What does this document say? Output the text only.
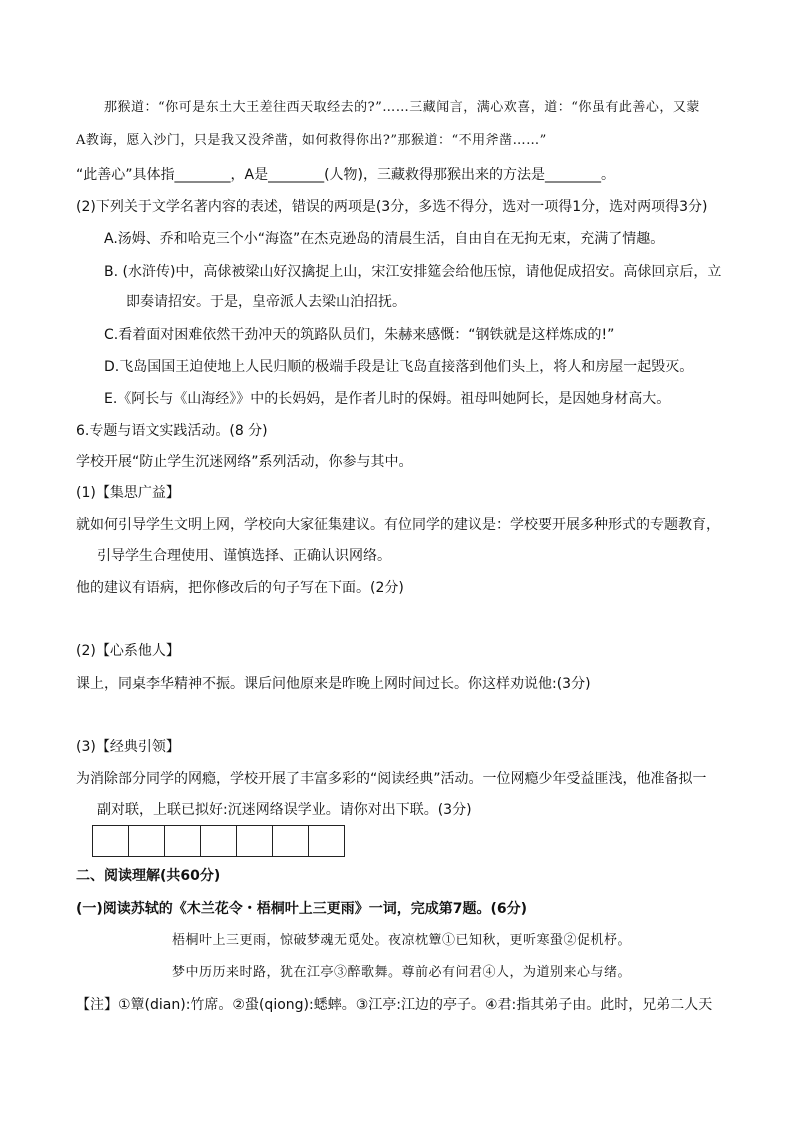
那猴道：“你可是东土大王差往西天取经去的?”……三藏闻言，满心欢喜，道：“你虽有此善心，又蒙
A教诲，愿入沙门，只是我又没斧凿，如何救得你出?”那猴道：“不用斧凿……”
“此善心”具体指________，A是________(人物)，三藏救得那猴出来的方法是________。
(2)下列关于文学名著内容的表述，错误的两项是(3分，多选不得分，选对一项得1分，选对两项得3分)
A.汤姆、乔和哈克三个小“海盗”在杰克逊岛的清晨生活，自由自在无拘无束，充满了情趣。
B. (水浒传)中，高俅被梁山好汉擒捉上山，宋江安排筵会给他压惊，请他促成招安。高俅回京后，立
即奏请招安。于是，皇帝派人去梁山泊招抚。
C.看着面对困难依然干劲冲天的筑路队员们，朱赫来感慨：“钢铁就是这样炼成的!”
D.飞岛国国王迫使地上人民归顺的极端手段是让飞岛直接落到他们头上，将人和房屋一起毁灭。
E.《阿长与《山海经》》中的长妈妈，是作者儿时的保姆。祖母叫她阿长，是因她身材高大。
6.专题与语文实践活动。(8 分)
学校开展“防止学生沉迷网络”系列活动，你参与其中。
(1)【集思广益】
就如何引导学生文明上网，学校向大家征集建议。有位同学的建议是：学校要开展多种形式的专题教育，
引导学生合理使用、谨慎选择、正确认识网络。
他的建议有语病，把你修改后的句子写在下面。(2分)
(2)【心系他人】
课上，同桌李华精神不振。课后问他原来是昨晚上网时间过长。你这样劝说他:(3分)
(3)【经典引领】
为消除部分同学的网瘾，学校开展了丰富多彩的“阅读经典”活动。一位网瘾少年受益匪浅，他准备拟一
副对联，上联已拟好:沉迷网络误学业。请你对出下联。(3分)
二、阅读理解(共60分)
(一)阅读苏轼的《木兰花令・梧桐叶上三更雨》一词，完成第7题。(6分)
梧桐叶上三更雨，惊破梦魂无觅处。夜凉枕簟①已知秋，更听寒蛩②促机杼。
梦中历历来时路，犹在江亭③醉歌舞。尊前必有问君④人，为道别来心与绪。
【注】①簟(dian):竹席。②蛩(qiong):蟋蟀。③江亭:江边的亭子。④君:指其弟子由。此时，兄弟二人天
